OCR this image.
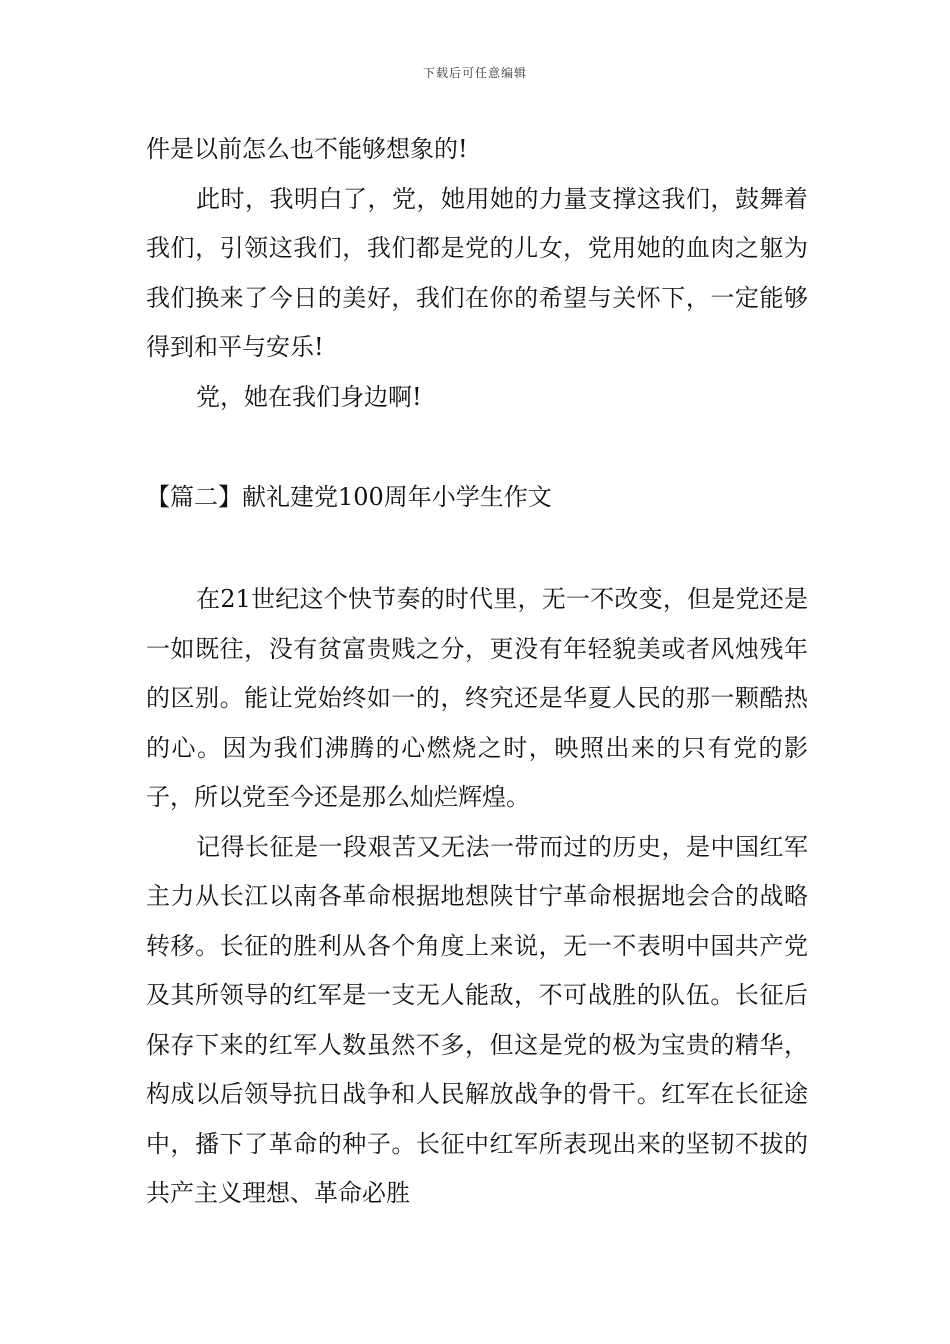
下载后可任意编辑

件是以前怎么也不能够想象的!

此时，我明白了，党，她用她的力量支撑这我们，鼓舞着我们，引领这我们，我们都是党的儿女，党用她的血肉之躯为我们换来了今日的美好，我们在你的希望与关怀下，一定能够得到和平与安乐!

党，她在我们身边啊!

【篇二】献礼建党100周年小学生作文

在21世纪这个快节奏的时代里，无一不改变，但是党还是一如既往，没有贫富贵贱之分，更没有年轻貌美或者风烛残年的区别。能让党始终如一的，终究还是华夏人民的那一颗酷热的心。因为我们沸腾的心燃烧之时，映照出来的只有党的影子，所以党至今还是那么灿烂辉煌。

记得长征是一段艰苦又无法一带而过的历史，是中国红军主力从长江以南各革命根据地想陕甘宁革命根据地会合的战略转移。长征的胜利从各个角度上来说，无一不表明中国共产党及其所领导的红军是一支无人能敌，不可战胜的队伍。长征后保存下来的红军人数虽然不多，但这是党的极为宝贵的精华，构成以后领导抗日战争和人民解放战争的骨干。红军在长征途中，播下了革命的种子。长征中红军所表现出来的坚韧不拔的共产主义理想、革命必胜
